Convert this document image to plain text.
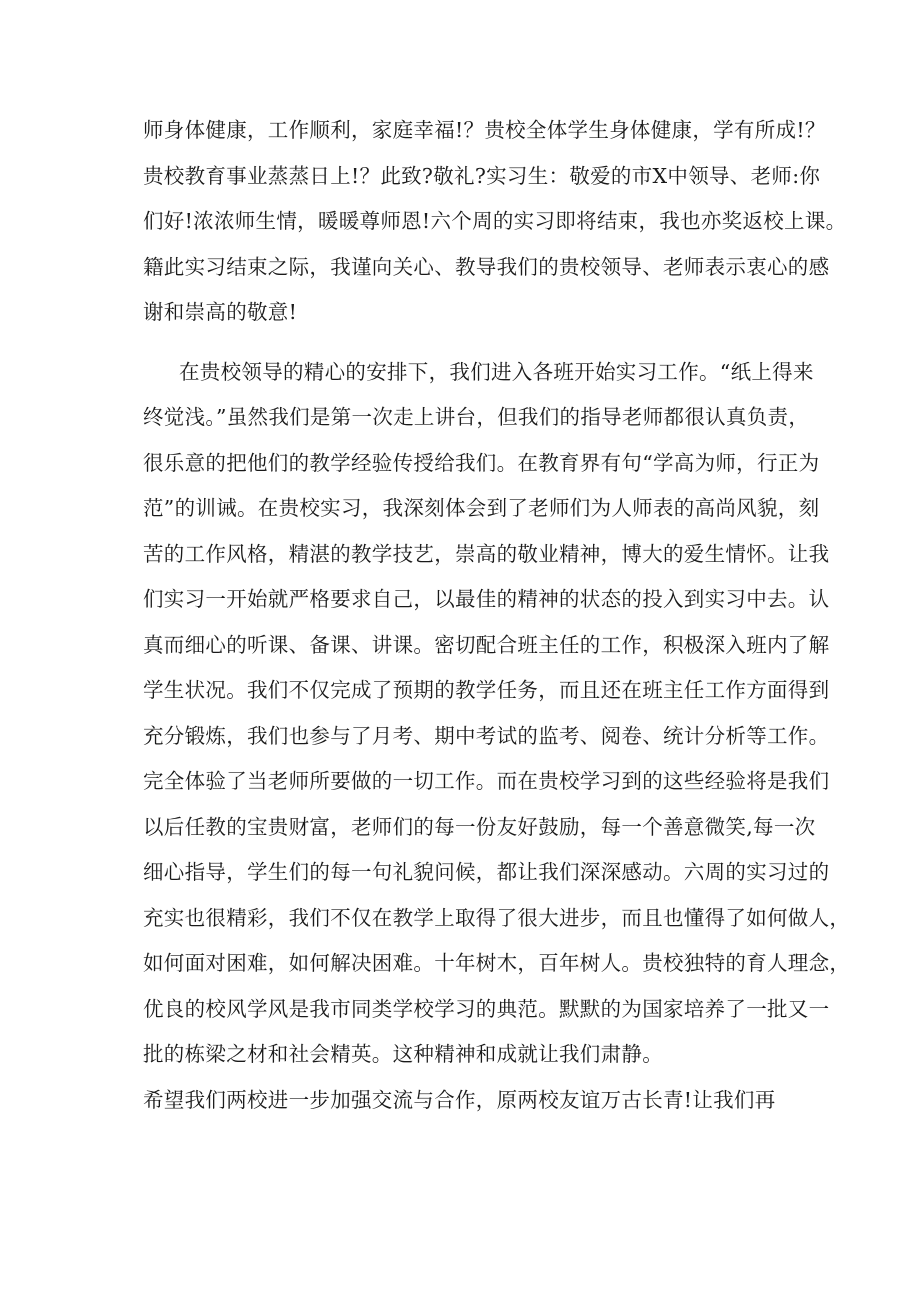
师身体健康，工作顺利，家庭幸福!？贵校全体学生身体健康，学有所成!？
贵校教育事业蒸蒸日上!？此致?敬礼?实习生：敬爱的市X中领导、老师:你
们好!浓浓师生情，暖暖尊师恩!六个周的实习即将结束，我也亦奖返校上课。
籍此实习结束之际，我谨向关心、教导我们的贵校领导、老师表示衷心的感
谢和崇高的敬意!
在贵校领导的精心的安排下，我们进入各班开始实习工作。“纸上得来
终觉浅。”虽然我们是第一次走上讲台，但我们的指导老师都很认真负责，
很乐意的把他们的教学经验传授给我们。在教育界有句“学高为师，行正为
范”的训诫。在贵校实习，我深刻体会到了老师们为人师表的高尚风貌，刻
苦的工作风格，精湛的教学技艺，崇高的敬业精神，博大的爱生情怀。让我
们实习一开始就严格要求自己，以最佳的精神的状态的投入到实习中去。认
真而细心的听课、备课、讲课。密切配合班主任的工作，积极深入班内了解
学生状况。我们不仅完成了预期的教学任务，而且还在班主任工作方面得到
充分锻炼，我们也参与了月考、期中考试的监考、阅卷、统计分析等工作。
完全体验了当老师所要做的一切工作。而在贵校学习到的这些经验将是我们
以后任教的宝贵财富，老师们的每一份友好鼓励，每一个善意微笑,每一次
细心指导，学生们的每一句礼貌问候，都让我们深深感动。六周的实习过的
充实也很精彩，我们不仅在教学上取得了很大进步，而且也懂得了如何做人，
如何面对困难，如何解决困难。十年树木，百年树人。贵校独特的育人理念，
优良的校风学风是我市同类学校学习的典范。默默的为国家培养了一批又一
批的栋梁之材和社会精英。这种精神和成就让我们肃静。
希望我们两校进一步加强交流与合作，原两校友谊万古长青!让我们再
